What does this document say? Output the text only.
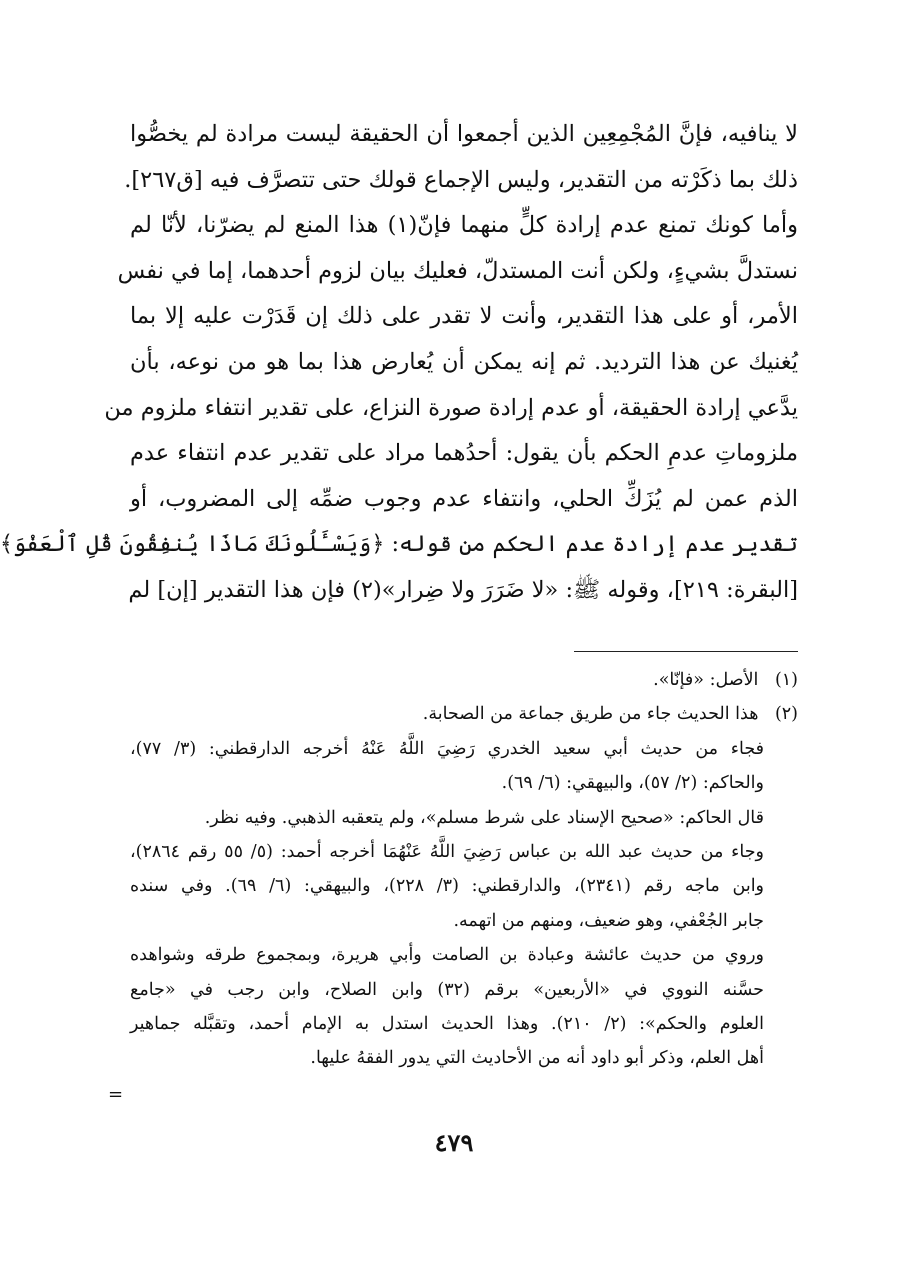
لا ينافيه، فإنَّ المُجْمِعِين الذين أجمعوا أن الحقيقة ليست مرادة لم يخصُّوا
ذلك بما ذكَرْته من التقدير، وليس الإجماع قولك حتى تتصرَّف فيه [ق٢٦٧].
وأما كونك تمنع عدم إرادة كلٍّ منهما فإنّ(١) هذا المنع لم يضرّنا، لأنّا لم
نستدلَّ بشيءٍ، ولكن أنت المستدلّ، فعليك بيان لزوم أحدهما، إما في نفس
الأمر، أو على هذا التقدير، وأنت لا تقدر على ذلك إن قَدَرْت عليه إلا بما
يُغنيك عن هذا الترديد. ثم إنه يمكن أن يُعارض هذا بما هو من نوعه، بأن
يدَّعي إرادة الحقيقة، أو عدم إرادة صورة النزاع، على تقدير انتفاء ملزوم من
ملزوماتِ عدمِ الحكم بأن يقول: أحدُهما مراد على تقدير عدم انتفاء عدم
الذم عمن لم يُزَكِّ الحلي، وانتفاء عدم وجوب ضمِّه إلى المضروب، أو
تقدير عدم إرادة عدم الحكم من قوله: ﴿وَيَسْـَٔلُونَكَ مَاذَا يُنفِقُونَ قُلِ ٱلْعَفْوَ﴾
[البقرة: ٢١٩]، وقوله ﷺ: «لا ضَرَرَ ولا ضِرار»(٢) فإن هذا التقدير [إن] لم
(١) الأصل: «فإنّا».
(٢) هذا الحديث جاء من طريق جماعة من الصحابة.
فجاء من حديث أبي سعيد الخدري رَضِيَ اللَّهُ عَنْهُ أخرجه الدارقطني: (٣/ ٧٧)،
والحاكم: (٢/ ٥٧)، والبيهقي: (٦/ ٦٩).
قال الحاكم: «صحيح الإسناد على شرط مسلم»، ولم يتعقبه الذهبي. وفيه نظر.
وجاء من حديث عبد الله بن عباس رَضِيَ اللَّهُ عَنْهُمَا أخرجه أحمد: (٥/ ٥٥ رقم ٢٨٦٤)،
وابن ماجه رقم (٢٣٤١)، والدارقطني: (٣/ ٢٢٨)، والبيهقي: (٦/ ٦٩). وفي سنده
جابر الجُعْفي، وهو ضعيف، ومنهم من اتهمه.
وروي من حديث عائشة وعبادة بن الصامت وأبي هريرة، وبمجموع طرقه وشواهده
حسَّنه النووي في «الأربعين» برقم (٣٢) وابن الصلاح، وابن رجب في «جامع
العلوم والحكم»: (٢/ ٢١٠). وهذا الحديث استدل به الإمام أحمد، وتقبَّله جماهير
أهل العلم، وذكر أبو داود أنه من الأحاديث التي يدور الفقهُ عليها.
=
٤٧٩
